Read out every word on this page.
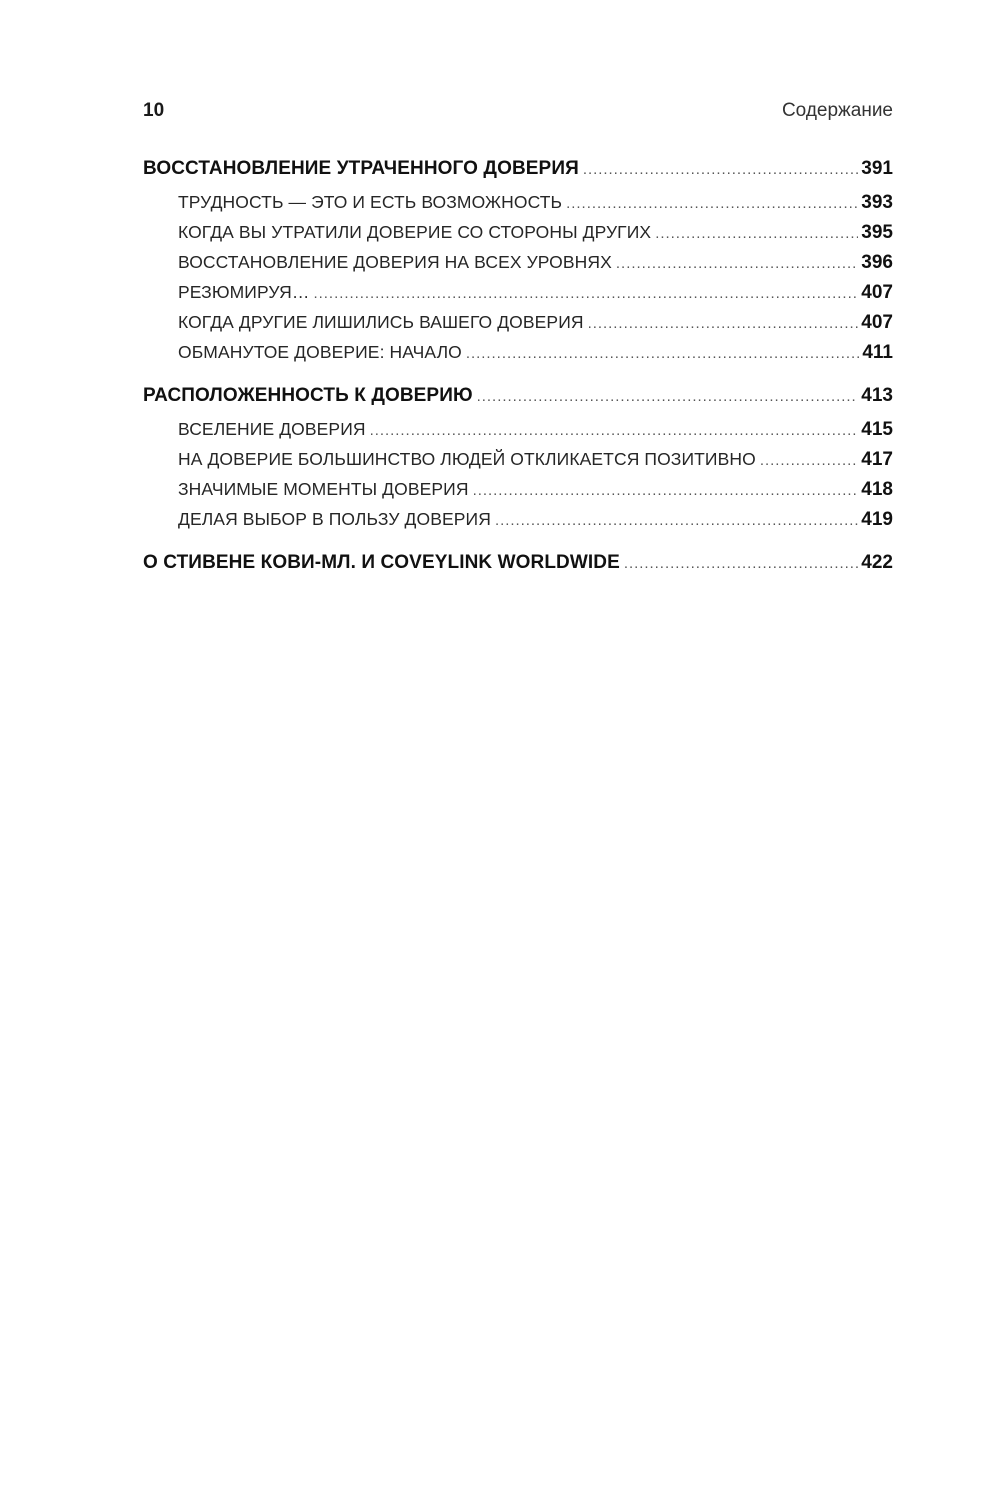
10	Содержание
ВОССТАНОВЛЕНИЕ УТРАЧЕННОГО ДОВЕРИЯ . . .	391
ТРУДНОСТЬ — ЭТО И ЕСТЬ ВОЗМОЖНОСТЬ . . .	393
КОГДА ВЫ УТРАТИЛИ ДОВЕРИЕ СО СТОРОНЫ ДРУГИХ . . .	395
ВОССТАНОВЛЕНИЕ ДОВЕРИЯ НА ВСЕХ УРОВНЯХ . . .	396
РЕЗЮМИРУЯ… . . .	407
КОГДА ДРУГИЕ ЛИШИЛИСЬ ВАШЕГО ДОВЕРИЯ . . .	407
ОБМАНУТОЕ ДОВЕРИЕ: НАЧАЛО . . .	411
РАСПОЛОЖЕННОСТЬ К ДОВЕРИЮ . . .	413
ВСЕЛЕНИЕ ДОВЕРИЯ . . .	415
НА ДОВЕРИЕ БОЛЬШИНСТВО ЛЮДЕЙ ОТКЛИКАЕТСЯ ПОЗИТИВНО . . .	417
ЗНАЧИМЫЕ МОМЕНТЫ ДОВЕРИЯ . . .	418
ДЕЛАЯ ВЫБОР В ПОЛЬЗУ ДОВЕРИЯ . . .	419
О СТИВЕНЕ КОВИ-МЛ. И COVEYLINK WORLDWIDE . . .	422
